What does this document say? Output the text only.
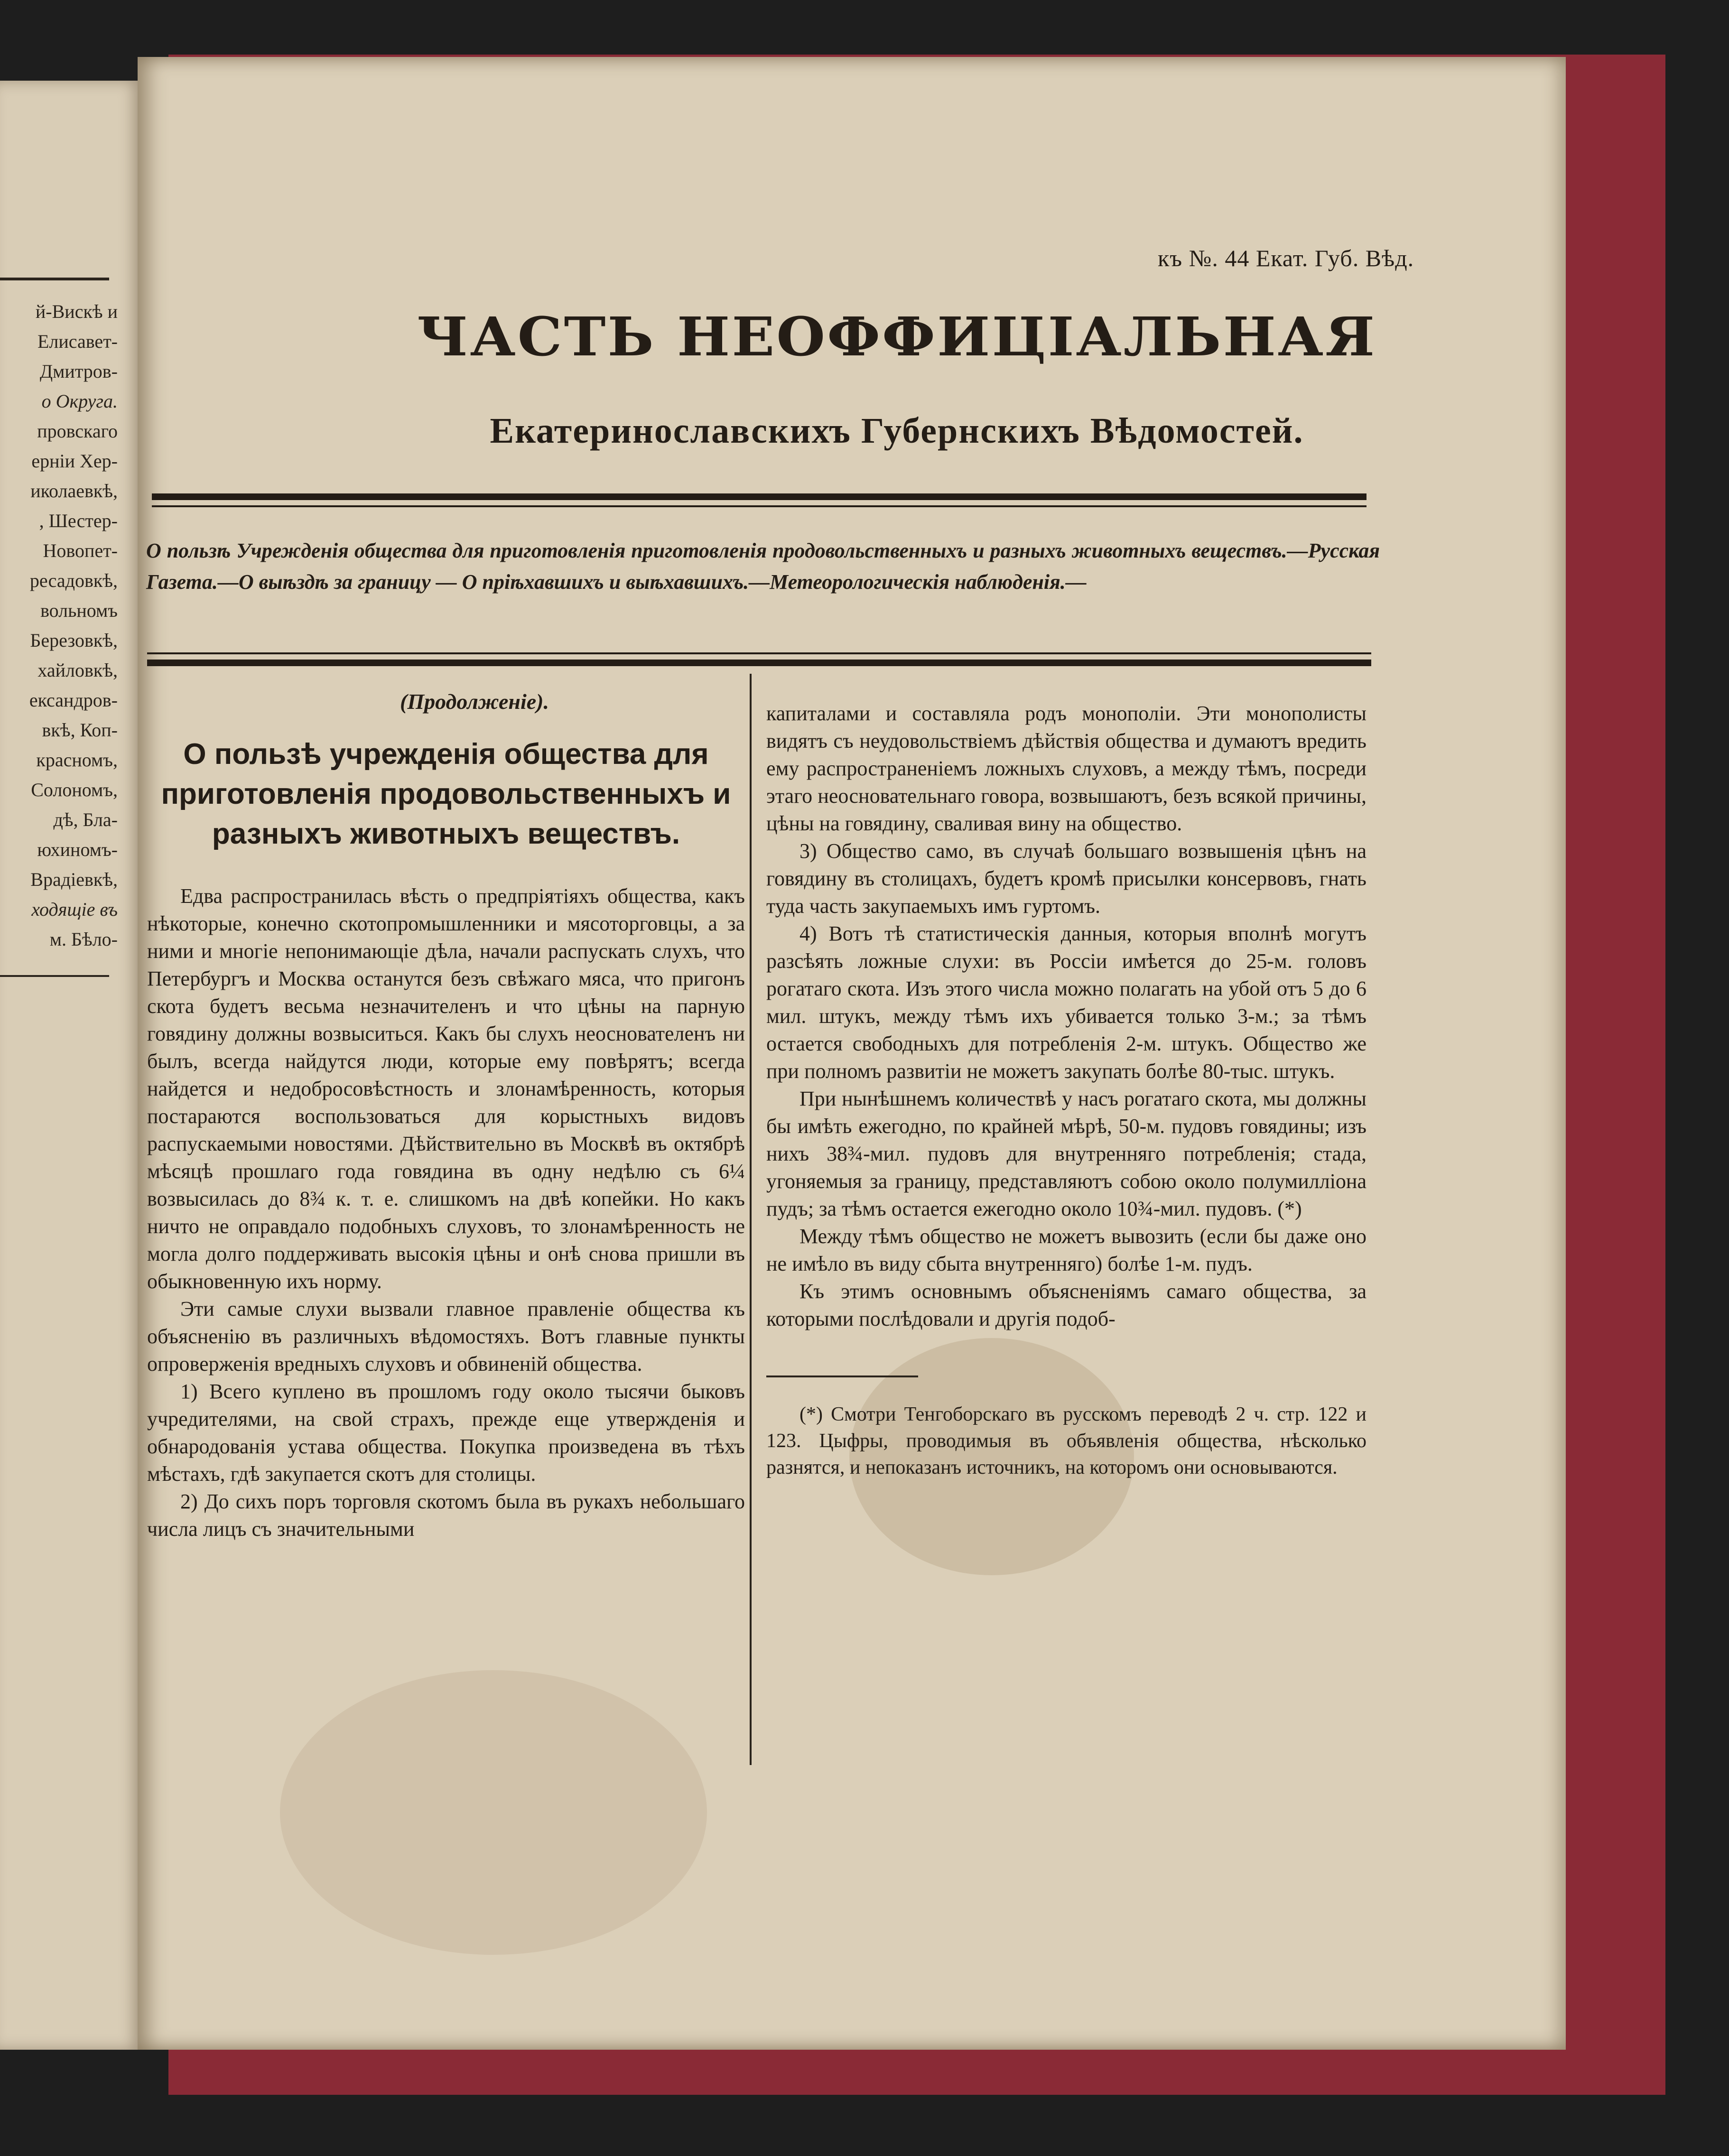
й-Вискѣ и
Елисавет-
Дмитров-
о Округа.
провскаго
ерніи Хер-
иколаевкѣ,
, Шестер-
Новопет-
ресадовкѣ,
вольномъ
Березовкѣ,
хайловкѣ,
ександров-
вкѣ, Коп-
красномъ,
Солономъ,
дѣ, Бла-
юхиномъ-
Врадіевкѣ,
ходящіе въ
м. Бѣло-
къ №. 44 Екат. Губ. Вѣд.
ЧАСТЬ НЕОФФИЦІАЛЬНАЯ
Екатеринославскихъ Губернскихъ Вѣдомостей.
О пользѣ Учрежденія общества для приготовленія приготовленія продовольственныхъ и разныхъ животныхъ веществъ.—Русская Газета.—О выѣздѣ за границу — О пріѣхавшихъ и выѣхавшихъ.—Метеорологическія наблюденія.—

(Продолженіе).

О пользѣ учрежденія общества для приготовленія продовольственныхъ и разныхъ животныхъ веществъ.

Едва распространилась вѣсть о предпріятіяхъ общества, какъ нѣкоторые, конечно скотопромышленники и мясоторговцы, а за ними и многіе непонимающіе дѣла, начали распускать слухъ, что Петербургъ и Москва останутся безъ свѣжаго мяса, что пригонъ скота будетъ весьма незначителенъ и что цѣны на парную говядину должны возвыситься. Какъ бы слухъ неоснователенъ ни былъ, всегда найдутся люди, которые ему повѣрятъ; всегда найдется и недобросовѣстность и злонамѣренность, которыя постараются воспользоваться для корыстныхъ видовъ распускаемыми новостями. Дѣйствительно въ Москвѣ въ октябрѣ мѣсяцѣ прошлаго года говядина въ одну недѣлю съ 6¼ возвысилась до 8¾ к. т. е. слишкомъ на двѣ копейки. Но какъ ничто не оправдало подобныхъ слуховъ, то злонамѣренность не могла долго поддерживать высокія цѣны и онѣ снова пришли въ обыкновенную ихъ норму.

Эти самые слухи вызвали главное правленіе общества къ объясненію въ различныхъ вѣдомостяхъ. Вотъ главные пункты опроверженія вредныхъ слуховъ и обвиненій общества.

1) Всего куплено въ прошломъ году около тысячи быковъ учредителями, на свой страхъ, прежде еще утвержденія и обнародованія устава общества. Покупка произведена въ тѣхъ мѣстахъ, гдѣ закупается скотъ для столицы.

2) До сихъ поръ торговля скотомъ была въ рукахъ небольшаго числа лицъ съ значительными

капиталами и составляла родъ монополіи. Эти монополисты видятъ съ неудовольствіемъ дѣйствія общества и думаютъ вредить ему распространеніемъ ложныхъ слуховъ, а между тѣмъ, посреди этаго неосновательнаго говора, возвышаютъ, безъ всякой причины, цѣны на говядину, сваливая вину на общество.

3) Общество само, въ случаѣ большаго возвышенія цѣнъ на говядину въ столицахъ, будетъ кромѣ присылки консервовъ, гнать туда часть закупаемыхъ имъ гуртомъ.

4) Вотъ тѣ статистическія данныя, которыя вполнѣ могутъ разсѣять ложные слухи: въ Россіи имѣется до 25-м. головъ рогатаго скота. Изъ этого числа можно полагать на убой отъ 5 до 6 мил. штукъ, между тѣмъ ихъ убивается только 3-м.; за тѣмъ остается свободныхъ для потребленія 2-м. штукъ. Общество же при полномъ развитіи не можетъ закупать болѣе 80-тыс. штукъ.

При нынѣшнемъ количествѣ у насъ рогатаго скота, мы должны бы имѣть ежегодно, по крайней мѣрѣ, 50-м. пудовъ говядины; изъ нихъ 38¾-мил. пудовъ для внутренняго потребленія; стада, угоняемыя за границу, представляютъ собою около полумилліона пудъ; за тѣмъ остается ежегодно около 10¾-мил. пудовъ. (*)

Между тѣмъ общество не можетъ вывозить (если бы даже оно не имѣло въ виду сбыта внутренняго) болѣе 1-м. пудъ.

Къ этимъ основнымъ объясненіямъ самаго общества, за которыми послѣдовали и другія подоб-

(*) Смотри Тенгоборскаго въ русскомъ переводѣ 2 ч. стр. 122 и 123. Цыфры, проводимыя въ объявленія общества, нѣсколько разнятся, и непоказанъ источникъ, на которомъ они основываются.
